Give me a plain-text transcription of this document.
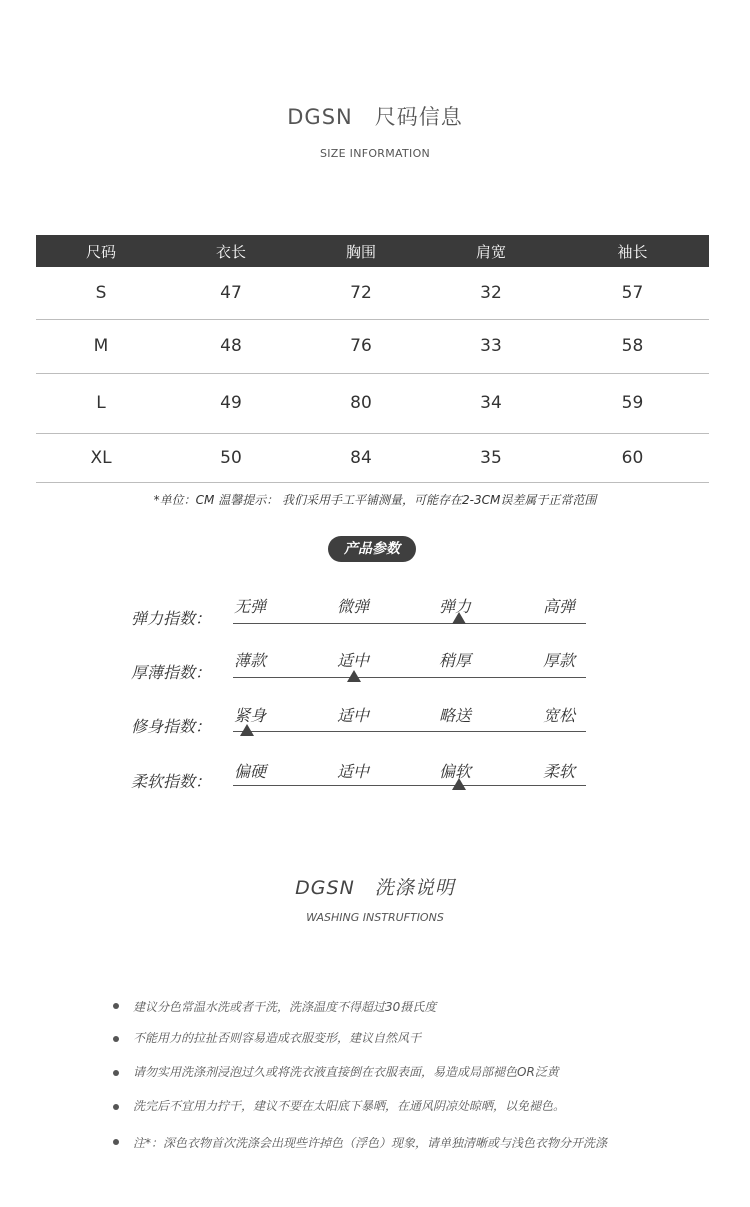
DGSN　尺码信息
SIZE INFORMATION
尺码	衣长	胸围	肩宽	袖长
S	47	72	32	57
M	48	76	33	58
L	49	80	34	59
XL	50	84	35	60
*单位：CM 温馨提示： 我们采用手工平铺测量，可能存在2-3CM误差属于正常范围
产品参数
弹力指数：
无弹	微弹	弹力	高弹
厚薄指数：
薄款	适中	稍厚	厚款
修身指数：
紧身	适中	略送	宽松
柔软指数：
偏硬	适中	偏软	柔软
DGSN　洗涤说明
WASHING INSTRUFTIONS
建议分色常温水洗或者干洗，洗涤温度不得超过30摄氏度
不能用力的拉扯否则容易造成衣服变形，建议自然风干
请勿实用洗涤剂浸泡过久或将洗衣液直接倒在衣服表面，易造成局部褪色OR泛黄
洗完后不宜用力拧干，建议不要在太阳底下暴晒，在通风阴凉处晾晒，以免褪色。
注*：深色衣物首次洗涤会出现些许掉色（浮色）现象，请单独清晰或与浅色衣物分开洗涤
